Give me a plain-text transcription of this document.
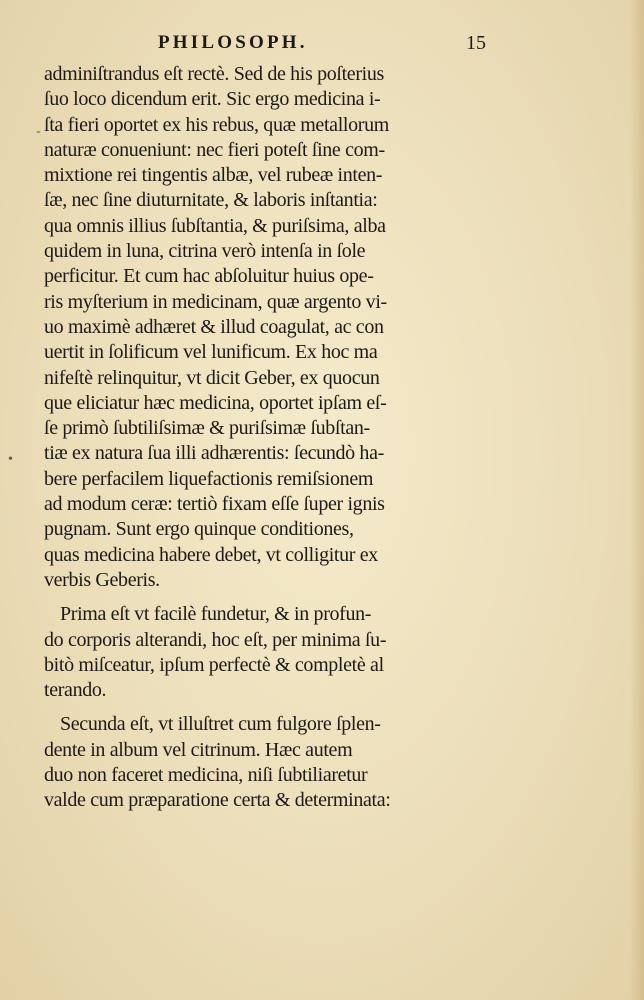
PHILOSOPH.	15
-
•
adminiſtrandus eſt rectè. Sed de his poſterius
ſuo loco dicendum erit. Sic ergo medicina i-
ſta fieri oportet ex his rebus, quæ metallorum
naturæ conueniunt: nec fieri poteſt ſine com-
mixtione rei tingentis albæ, vel rubeæ inten-
ſæ, nec ſine diuturnitate, & laboris inſtantia:
qua omnis illius ſubſtantia, & puriſsima, alba
quidem in luna, citrina verò intenſa in ſole
perficitur. Et cum hac abſoluitur huius ope-
ris myſterium in medicinam, quæ argento vi-
uo maximè adhæret & illud coagulat, ac con
uertit in ſolificum vel lunificum. Ex hoc ma
nifeſtè relinquitur, vt dicit Geber, ex quocun
que eliciatur hæc medicina, oportet ipſam eſ-
ſe primò ſubtiliſsimæ & puriſsimæ ſubſtan-
tiæ ex natura ſua illi adhærentis: ſecundò ha-
bere perfacilem liquefactionis remiſsionem
ad modum ceræ: tertiò fixam eſſe ſuper ignis
pugnam. Sunt ergo quinque conditiones,
quas medicina habere debet, vt colligitur ex
verbis Geberis.
Prima eſt vt facilè fundetur, & in profun-
do corporis alterandi, hoc eſt, per minima ſu-
bitò miſceatur, ipſum perfectè & completè al
terando.
Secunda eſt, vt illuſtret cum fulgore ſplen-
dente in album vel citrinum. Hæc autem
duo non faceret medicina, niſi ſubtiliaretur
valde cum præparatione certa & determinata:
